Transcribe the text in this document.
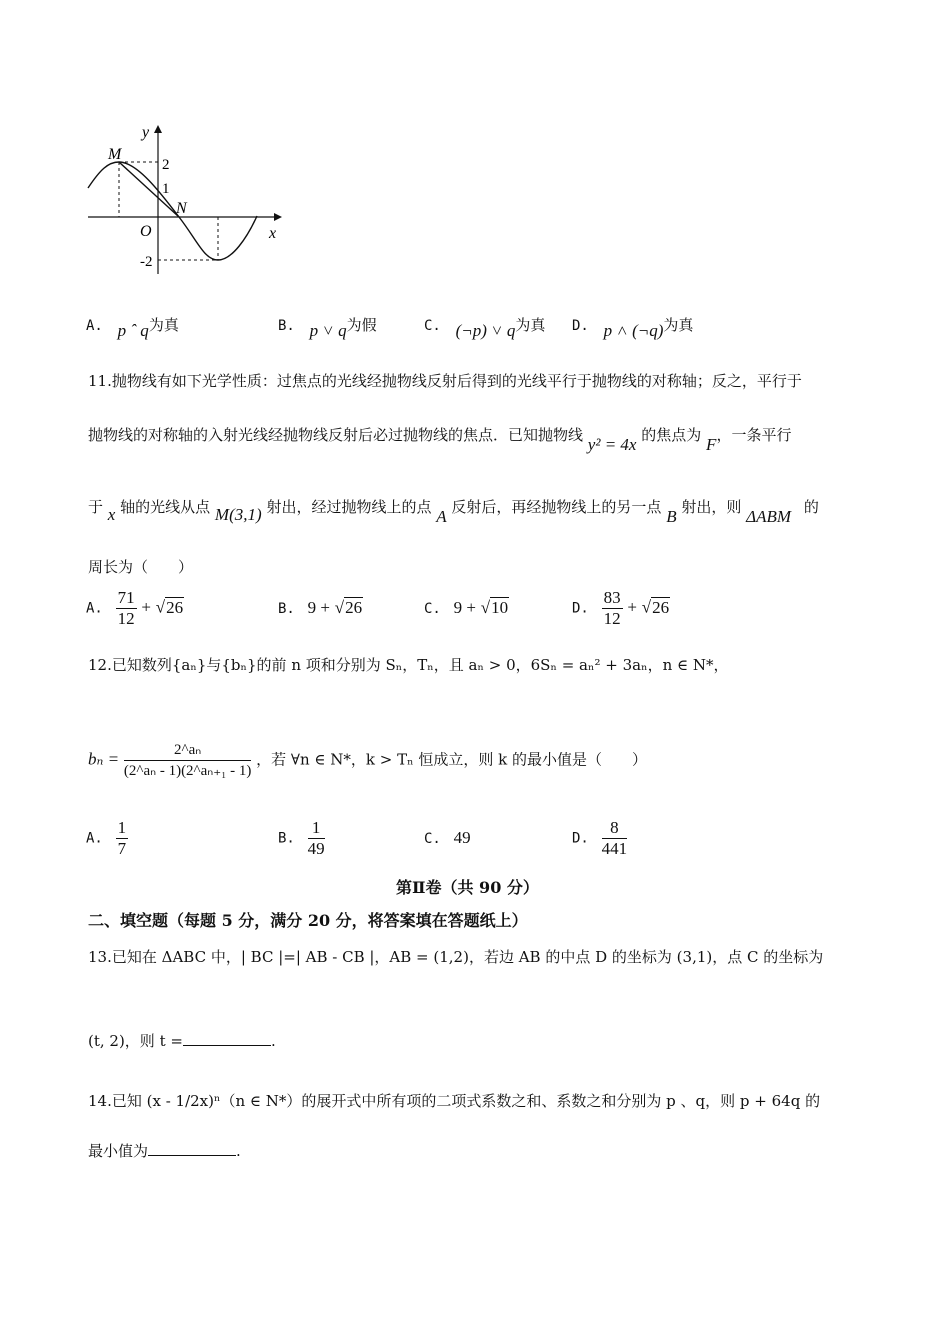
y
x
O
M
N
2
1
-2
A. p ˆ q为真	B. p ˅ q为假	C. (¬p) ˅ q为真 D. p ˄ (¬q)为真
11.抛物线有如下光学性质：过焦点的光线经抛物线反射后得到的光线平行于抛物线的对称轴；反之，平行于
抛物线的对称轴的入射光线经抛物线反射后必过抛物线的焦点．已知抛物线 y² = 4x 的焦点为 F，一条平行
于 x 轴的光线从点 M(3,1) 射出，经过抛物线上的点 A 反射后，再经抛物线上的另一点 B 射出，则 ΔABM 的
周长为（　　）
A. $\frac{71}{12} + √26$	B. 9 + √26	C. 9 + √10	D. $\frac{83}{12} + √26$
12.已知数列{aₙ}与{bₙ}的前 n 项和分别为 Sₙ，Tₙ，且 aₙ > 0，6Sₙ = aₙ² + 3aₙ，n ∈ N*，
$b_n = \frac{\text{2\textasciicircum{}aₙ}}{\text{(2\textasciicircum{}aₙ - 1)(2\textasciicircum{}aₙ₊₁ - 1)}}$ ，若 ∀n ∈ N*，k > Tₙ 恒成立，则 k 的最小值是（　　）
A. $\frac{1}{7}$	B. $\frac{1}{49}$	C. 49	D. $\frac{8}{441}$
第Ⅱ卷（共 90 分）
二、填空题（每题 5 分，满分 20 分，将答案填在答题纸上）
13.已知在 ΔABC 中，| BC |=| AB - CB |，AB = (1,2)，若边 AB 的中点 D 的坐标为 (3,1)，点 C 的坐标为
(t, 2)，则 t =	.
14.已知 (x - 1/2x)ⁿ（n ∈ N*）的展开式中所有项的二项式系数之和、系数之和分别为 p 、q，则 p + 64q 的
最小值为	.
